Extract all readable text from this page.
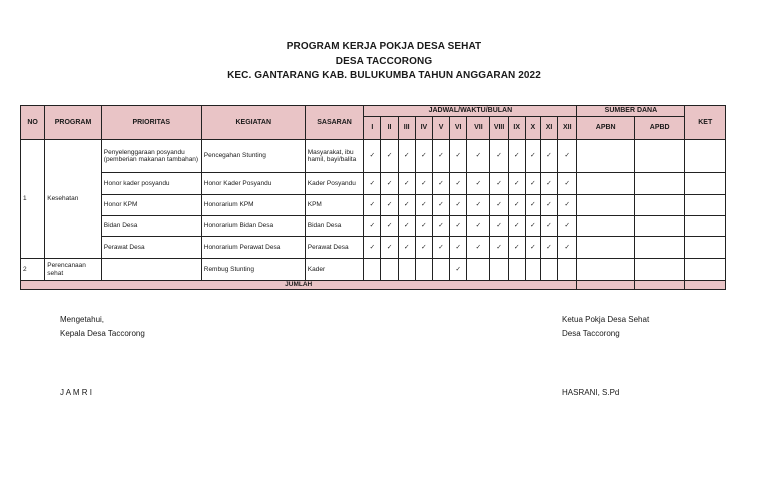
PROGRAM KERJA POKJA DESA SEHAT
DESA TACCORONG
KEC. GANTARANG KAB. BULUKUMBA TAHUN ANGGARAN 2022
NO	PROGRAM	PRIORITAS	KEGIATAN	SASARAN	JADWAL/WAKTU/BULAN												SUMBER DANA		KET
					I	II	III	IV	V	VI	VII	VIII	IX	X	XI	XII	APBN	APBD	
1	Kesehatan	Penyelenggaraan posyandu (pemberian makanan tambahan)	Pencegahan Stunting	Masyarakat, ibu hamil, bayi/balita	✓	✓	✓	✓	✓	✓	✓	✓	✓	✓	✓	✓			
		Honor kader posyandu	Honor Kader Posyandu	Kader Posyandu	✓	✓	✓	✓	✓	✓	✓	✓	✓	✓	✓	✓			
		Honor KPM	Honorarium KPM	KPM	✓	✓	✓	✓	✓	✓	✓	✓	✓	✓	✓	✓			
		Bidan Desa	Honorarium Bidan Desa	Bidan Desa	✓	✓	✓	✓	✓	✓	✓	✓	✓	✓	✓	✓			
		Perawat Desa	Honorarium Perawat Desa	Perawat Desa	✓	✓	✓	✓	✓	✓	✓	✓	✓	✓	✓	✓			
2	Perencanaan sehat		Rembug Stunting	Kader						✓									
JUMLAH																			
Mengetahui,
Kepala Desa Taccorong
J A M R I
Ketua Pokja Desa Sehat
Desa Taccorong
HASRANI, S.Pd
